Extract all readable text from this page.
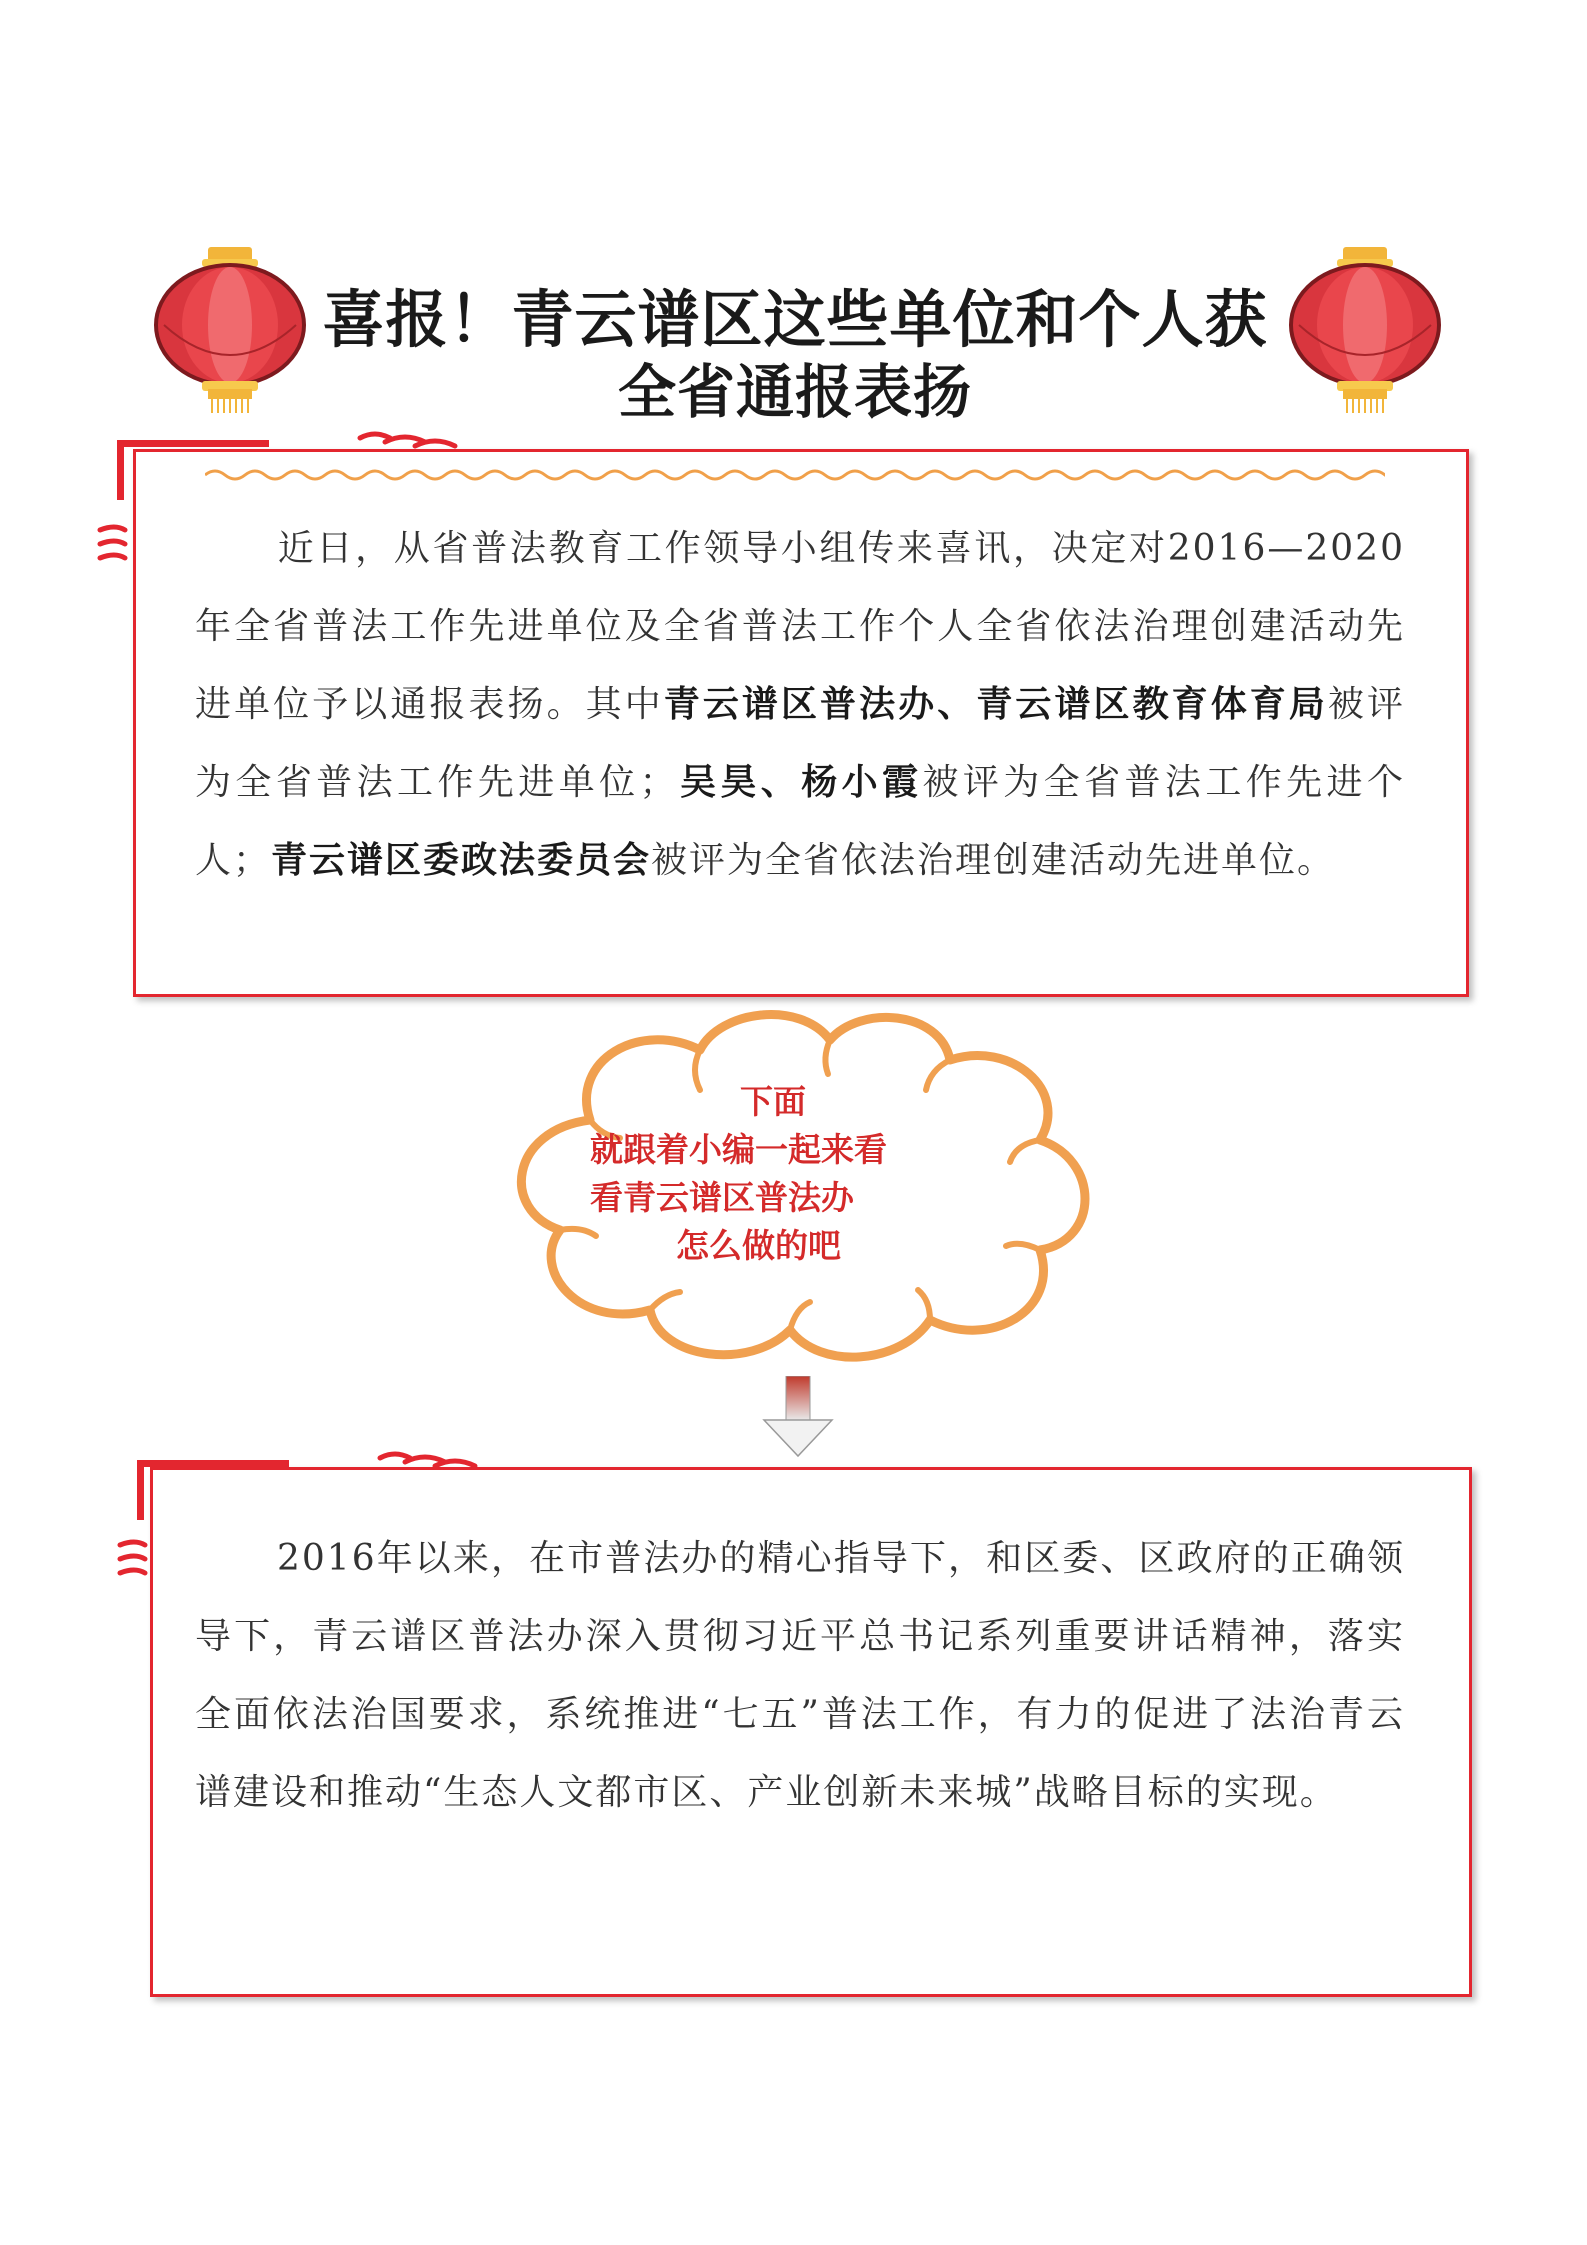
喜报！青云谱区这些单位和个人获
全省通报表扬

近日，从省普法教育工作领导小组传来喜讯，决定对2016—2020年全省普法工作先进单位及全省普法工作个人全省依法治理创建活动先进单位予以通报表扬。其中青云谱区普法办、青云谱区教育体育局被评为全省普法工作先进单位；吴昊、杨小霞被评为全省普法工作先进个人；青云谱区委政法委员会被评为全省依法治理创建活动先进单位。

下面

就跟着小编一起来看

看青云谱区普法办

怎么做的吧

2016年以来，在市普法办的精心指导下，和区委、区政府的正确领导下，青云谱区普法办深入贯彻习近平总书记系列重要讲话精神，落实全面依法治国要求，系统推进“七五”普法工作，有力的促进了法治青云谱建设和推动“生态人文都市区、产业创新未来城”战略目标的实现。
